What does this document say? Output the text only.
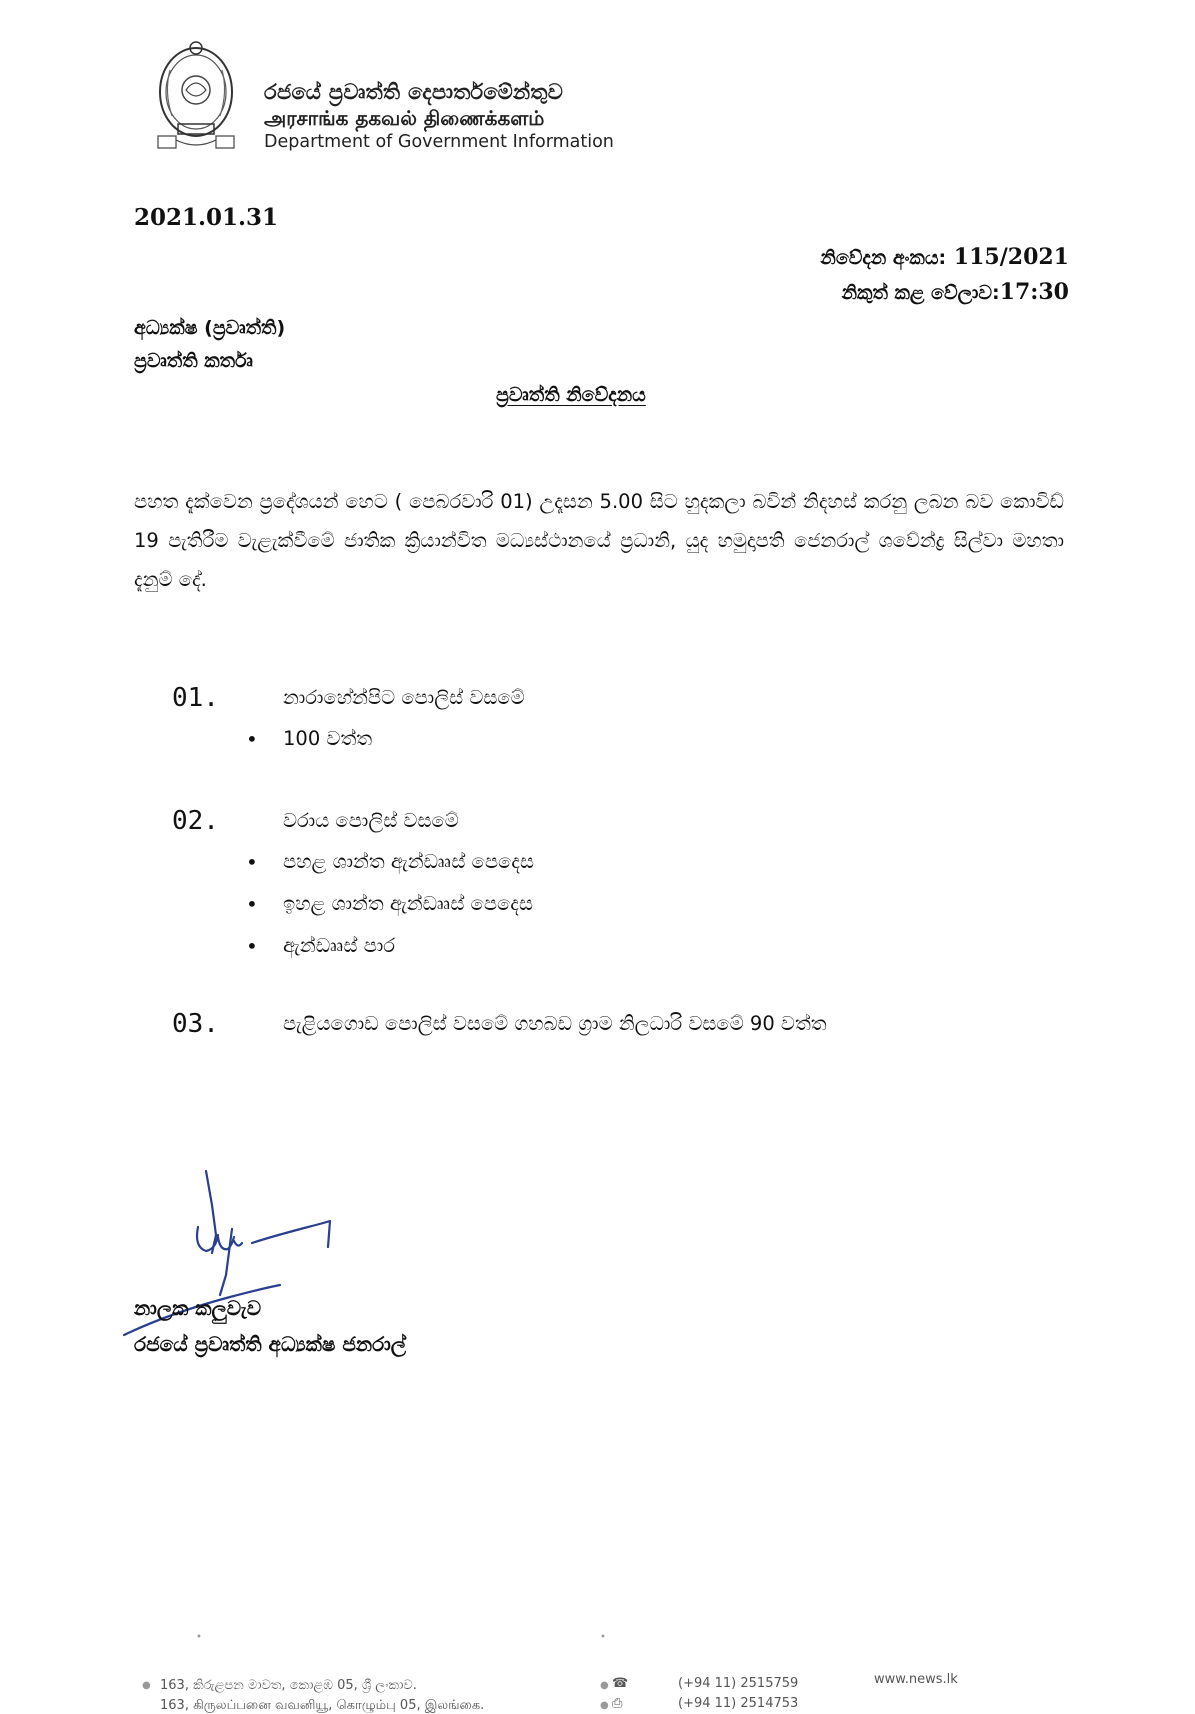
රජයේ ප්‍රවෘත්ති දෙපාර්තමේන්තුව
அரசாங்க தகவல் திணைக்களம்
Department of Government Information
2021.01.31
නිවේදන අංකය: 115/2021
නිකුත් කළ වේලාව:17:30
අධ්‍යක්ෂ (ප්‍රවෘත්ති)
ප්‍රවෘත්ති කර්තෘ
ප්‍රවෘත්ති නිවේදනය
පහත දැක්වෙන ප්‍රදේශයන් හෙට ( පෙබරවාරි 01) උදෑසන 5.00 සිට හුදකලා බවින් නිදහස් කරනු ලබන බව කොවිඩ් 19 පැතිරීම වැළැක්වීමේ ජාතික ක්‍රියාන්විත මධ්‍යස්ථානයේ ප්‍රධානි, යුද හමුදාපති ජෙනරාල් ශවේන්ද්‍ර සිල්වා මහතා දැනුම් දේ.
01.	නාරාහේන්පිට පොලිස් වසමේ
• 100 වත්ත
02.	වරාය පොලිස් වසමේ
• පහළ ශාන්ත ඇන්ඩෲස් පෙදෙස
• ඉහළ ශාන්ත ඇන්ඩෲස් පෙදෙස
• ඇන්ඩෲස් පාර
03.	පැළියගොඩ පොලිස් වසමේ ගහබඩ ග්‍රාම නිලධාරි වසමේ 90 වත්ත
නාලක කලුවැව
රජයේ ප්‍රවෘත්ති අධ්‍යක්ෂ ජනරාල්
•	•
● 163, කිරුළපන මාවත, කොළඹ 05, ශ්‍රී ලංකාව.
163, கிருலப்பனை வவனியூ, கொழும்பு 05, இலங்கை.
● ☎	(+94 11) 2515759
● ⎙	(+94 11) 2514753
www.news.lk
